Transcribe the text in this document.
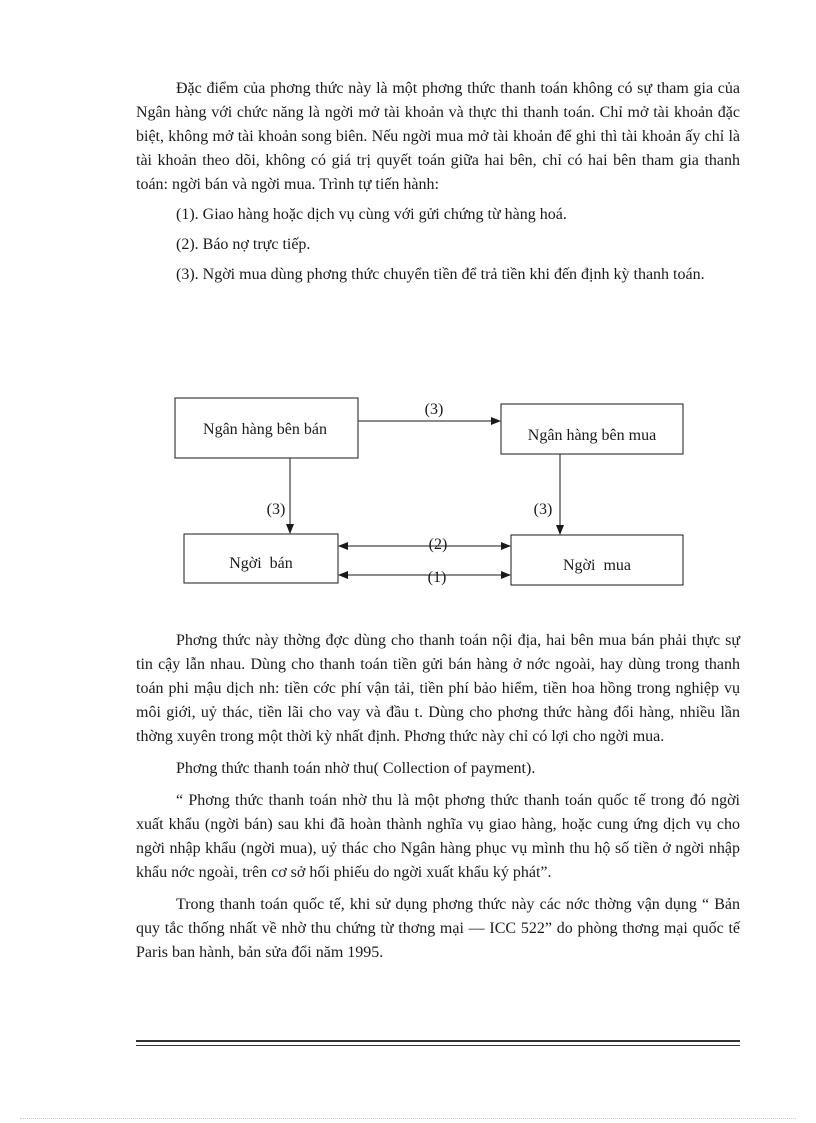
Đặc điểm của phơng thức này là một phơng thức thanh toán không có sự tham gia của Ngân hàng với chức năng là ngời mở tài khoản và thực thi thanh toán. Chỉ mở tài khoản đặc biệt, không mở tài khoản song biên. Nếu ngời mua mở tài khoản để ghi thì tài khoản ấy chỉ là tài khoản theo dõi, không có giá trị quyết toán giữa hai bên, chỉ có hai bên tham gia thanh toán: ngời bán và ngời mua. Trình tự tiến hành:

(1). Giao hàng hoặc dịch vụ cùng với gửi chứng từ hàng hoá.

(2). Báo nợ trực tiếp.

(3). Ngời mua dùng phơng thức chuyển tiền để trả tiền khi đến định kỳ thanh toán.

Ngân hàng bên bán	Ngân hàng bên mua
Ngời  bán	Ngời  mua
(3)
(3)	(3)
(2)
(1)

Phơng thức này thờng đợc dùng cho thanh toán nội địa, hai bên mua bán phải thực sự tin cậy lẫn nhau. Dùng cho thanh toán tiền gửi bán hàng ở nớc ngoài, hay dùng trong thanh toán phi mậu dịch nh: tiền cớc phí vận tải, tiền phí bảo hiểm, tiền hoa hồng trong nghiệp vụ môi giới, uỷ thác, tiền lãi cho vay và đầu t. Dùng cho phơng thức hàng đổi hàng, nhiều lần thờng xuyên trong một thời kỳ nhất định. Phơng thức này chỉ có lợi cho ngời mua.

Phơng thức thanh toán nhờ thu( Collection of payment).

“ Phơng thức thanh toán nhờ thu là một phơng thức thanh toán quốc tế trong đó ngời xuất khẩu (ngời bán) sau khi đã hoàn thành nghĩa vụ giao hàng, hoặc cung ứng dịch vụ cho ngời nhập khẩu (ngời mua), uỷ thác cho Ngân hàng phục vụ mình thu hộ số tiền ở ngời nhập khẩu nớc ngoài, trên cơ sở hối phiếu do ngời xuất khẩu ký phát”.

Trong thanh toán quốc tế, khi sử dụng phơng thức này các nớc thờng vận dụng “ Bản quy tắc thống nhất về nhờ thu chứng từ thơng mại — ICC 522” do phòng thơng mại quốc tế Paris ban hành, bản sửa đổi năm 1995.
